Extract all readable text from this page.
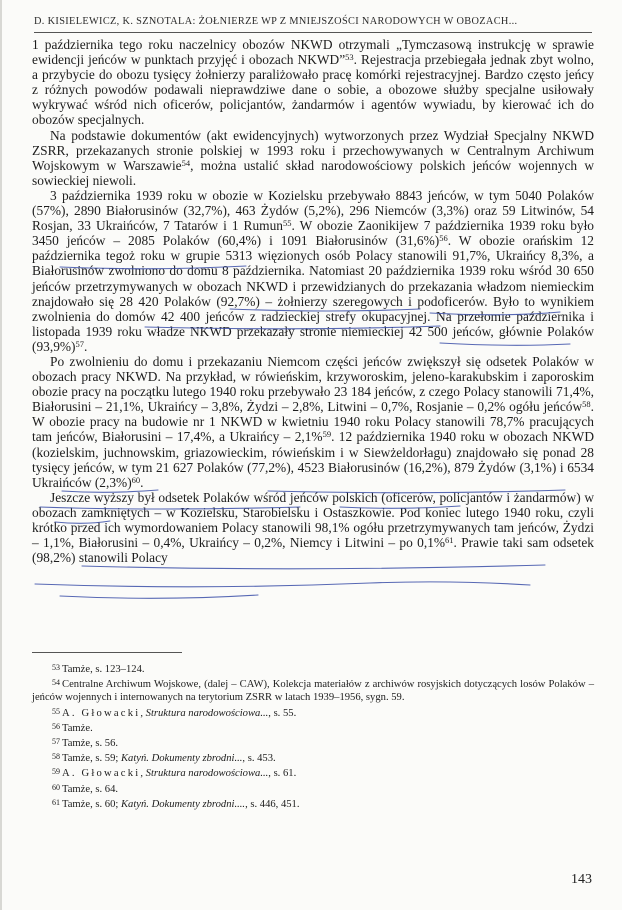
D. KISIELEWICZ, K. SZNOTALA: ŻOŁNIERZE WP Z MNIEJSZOŚCI NARODOWYCH W OBOZACH...

1 października tego roku naczelnicy obozów NKWD otrzymali „Tymczasową instrukcję w sprawie ewidencji jeńców w punktach przyjęć i obozach NKWD”$^{53}$. Rejestracja przebiegała jednak zbyt wolno, a przybycie do obozu tysięcy żołnierzy paraliżowało pracę komórki rejestracyjnej. Bardzo często jeńcy z różnych powodów podawali nieprawdziwe dane o sobie, a obozowe służby specjalne usiłowały wykrywać wśród nich oficerów, policjantów, żandarmów i agentów wywiadu, by kierować ich do obozów specjalnych.

Na podstawie dokumentów (akt ewidencyjnych) wytworzonych przez Wydział Specjalny NKWD ZSRR, przekazanych stronie polskiej w 1993 roku i przechowywanych w Centralnym Archiwum Wojskowym w Warszawie$^{54}$, można ustalić skład narodowościowy polskich jeńców wojennych w sowieckiej niewoli.

3 października 1939 roku w obozie w Kozielsku przebywało 8843 jeńców, w tym 5040 Polaków (57%), 2890 Białorusinów (32,7%), 463 Żydów (5,2%), 296 Niemców (3,3%) oraz 59 Litwinów, 54 Rosjan, 33 Ukraińców, 7 Tatarów i 1 Rumun$^{55}$. W obozie Zaonikijew 7 października 1939 roku było 3450 jeńców – 2085 Polaków (60,4%) i 1091 Białorusinów $(31,6\%)^{56}$. W obozie orańskim 12 października tegoż roku w grupie 5313 więzionych osób Polacy stanowili 91,7%, Ukraińcy 8,3%, a Białorusinów zwolniono do domu 8 października. Natomiast 20 października 1939 roku wśród 30 650 jeńców przetrzymywanych w obozach NKWD i przewidzianych do przekazania władzom niemieckim znajdowało się 28 420 Polaków (92,7%) – żołnierzy szeregowych i podoficerów. Było to wynikiem zwolnienia do domów 42 400 jeńców z radzieckiej strefy okupacyjnej. Na przełomie października i listopada 1939 roku władze NKWD przekazały stronie niemieckiej 42 500 jeńców, głównie Polaków $(93,9\%)^{57}$.

Po zwolnieniu do domu i przekazaniu Niemcom części jeńców zwiększył się odsetek Polaków w obozach pracy NKWD. Na przykład, w rówieńskim, krzyworoskim, jeleno-karakubskim i zaporoskim obozie pracy na początku lutego 1940 roku przebywało 23 184 jeńców, z czego Polacy stanowili 71,4%, Białorusini – 21,1%, Ukraińcy – 3,8%, Żydzi – 2,8%, Litwini – 0,7%, Rosjanie – 0,2% ogółu jeńców$^{58}$. W obozie pracy na budowie nr 1 NKWD w kwietniu 1940 roku Polacy stanowili 78,7% pracujących tam jeńców, Białorusini – 17,4%, a Ukraińcy – 2,1%$^{59}$. 12 października 1940 roku w obozach NKWD (kozielskim, juchnowskim, griazowieckim, rówieńskim i w Siewżeldorłagu) znajdowało się ponad 28 tysięcy jeńców, w tym 21 627 Polaków (77,2%), 4523 Białorusinów (16,2%), 879 Żydów (3,1%) i 6534 Ukraińców $(2,3\%)^{60}$.

Jeszcze wyższy był odsetek Polaków wśród jeńców polskich (oficerów, policjantów i żandarmów) w obozach zamkniętych – w Kozielsku, Starobielsku i Ostaszkowie. Pod koniec lutego 1940 roku, czyli krótko przed ich wymordowaniem Polacy stanowili 98,1% ogółu przetrzymywanych tam jeńców, Żydzi – 1,1%, Białorusini – 0,4%, Ukraińcy – 0,2%, Niemcy i Litwini – po 0,1%$^{61}$. Prawie taki sam odsetek (98,2%) stanowili Polacy

53 Tamże, s. 123–124.

54 Centralne Archiwum Wojskowe, (dalej – CAW), Kolekcja materiałów z archiwów rosyjskich dotyczących losów Polaków – jeńców wojennych i internowanych na terytorium ZSRR w latach 1939–1956, sygn. 59.

55 A. Głowacki, Struktura narodowościowa..., s. 55.

56 Tamże.

57 Tamże, s. 56.

58 Tamże, s. 59; Katyń. Dokumenty zbrodni..., s. 453.

59 A. Głowacki, Struktura narodowościowa..., s. 61.

60 Tamże, s. 64.

61 Tamże, s. 60; Katyń. Dokumenty zbrodni...., s. 446, 451.

143
